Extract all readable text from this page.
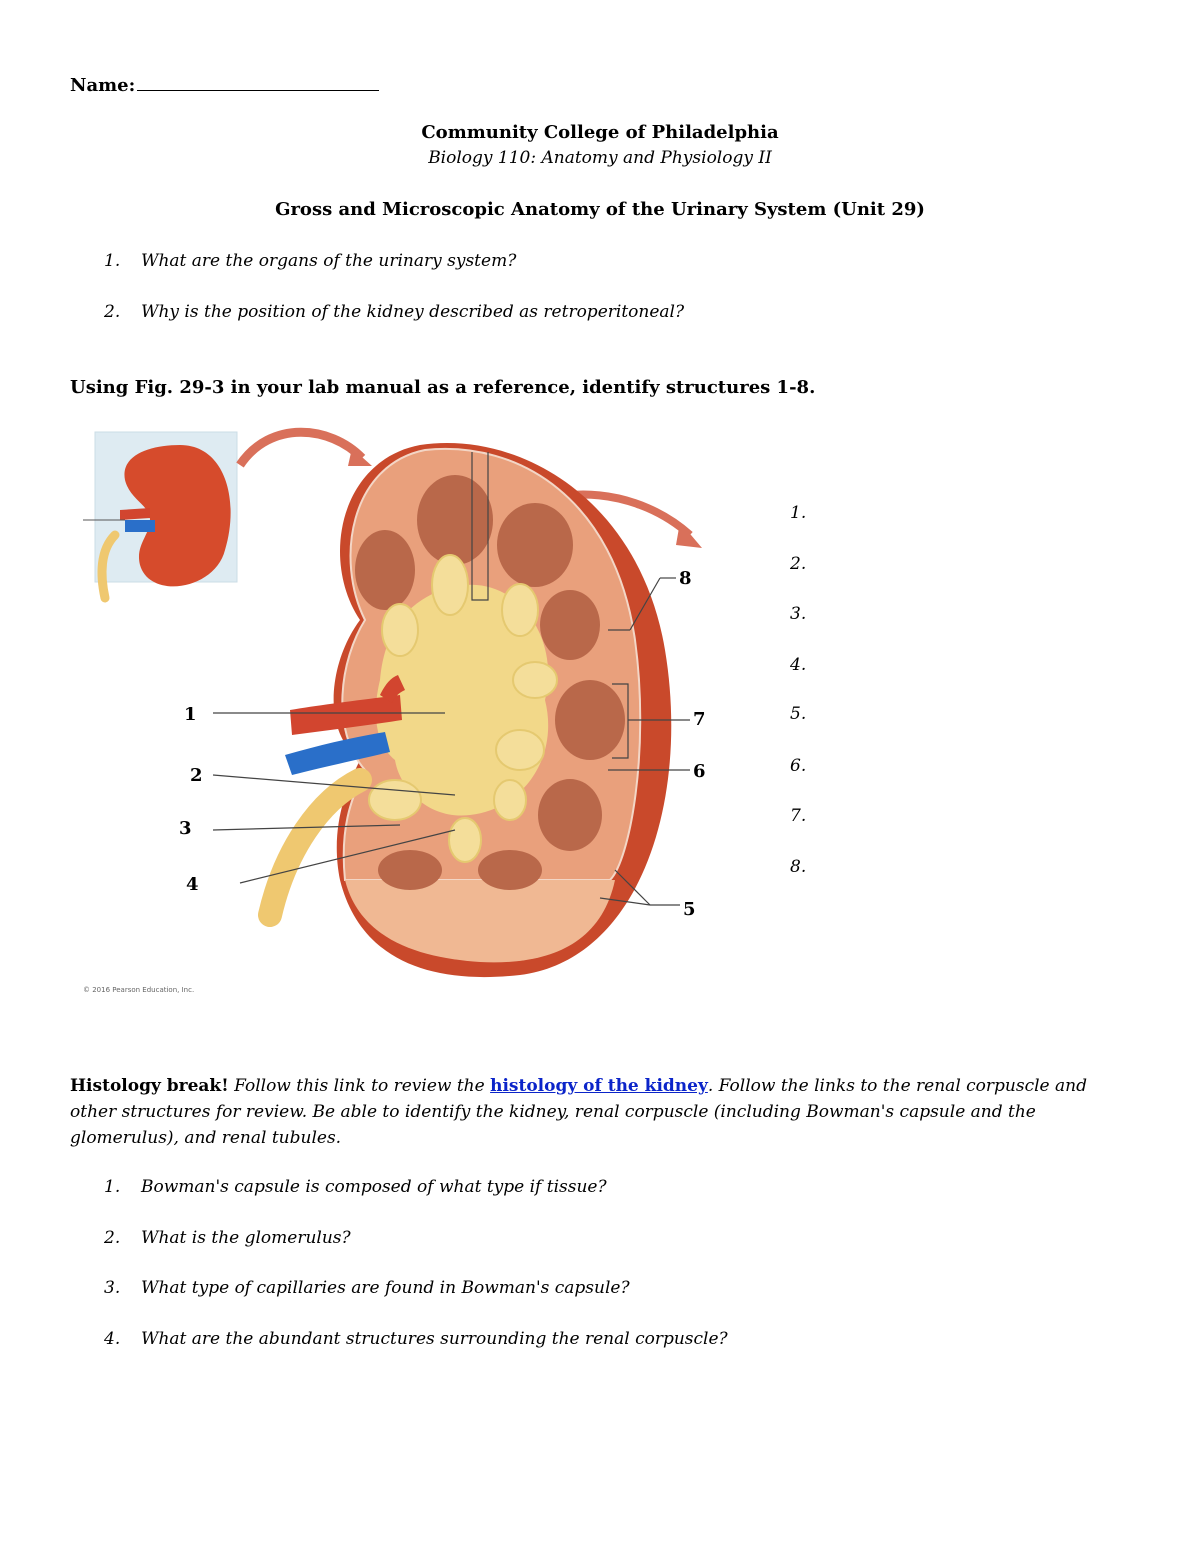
Name:
Community College of Philadelphia
Biology 110: Anatomy and Physiology II
Gross and Microscopic Anatomy of the Urinary System (Unit 29)
1. What are the organs of the urinary system?
2. Why is the position of the kidney described as retroperitoneal?
Using Fig. 29-3 in your lab manual as a reference, identify structures 1-8.
1
2
3
4
5
6
7
8
© 2016 Pearson Education, Inc.
1.
2.
3.
4.
5.
6.
7.
8.
Histology break! Follow this link to review the histology of the kidney. Follow the links to the renal corpuscle and other structures for review. Be able to identify the kidney, renal corpuscle (including Bowman's capsule and the glomerulus), and renal tubules.
1. Bowman's capsule is composed of what type if tissue?
2. What is the glomerulus?
3. What type of capillaries are found in Bowman's capsule?
4. What are the abundant structures surrounding the renal corpuscle?
